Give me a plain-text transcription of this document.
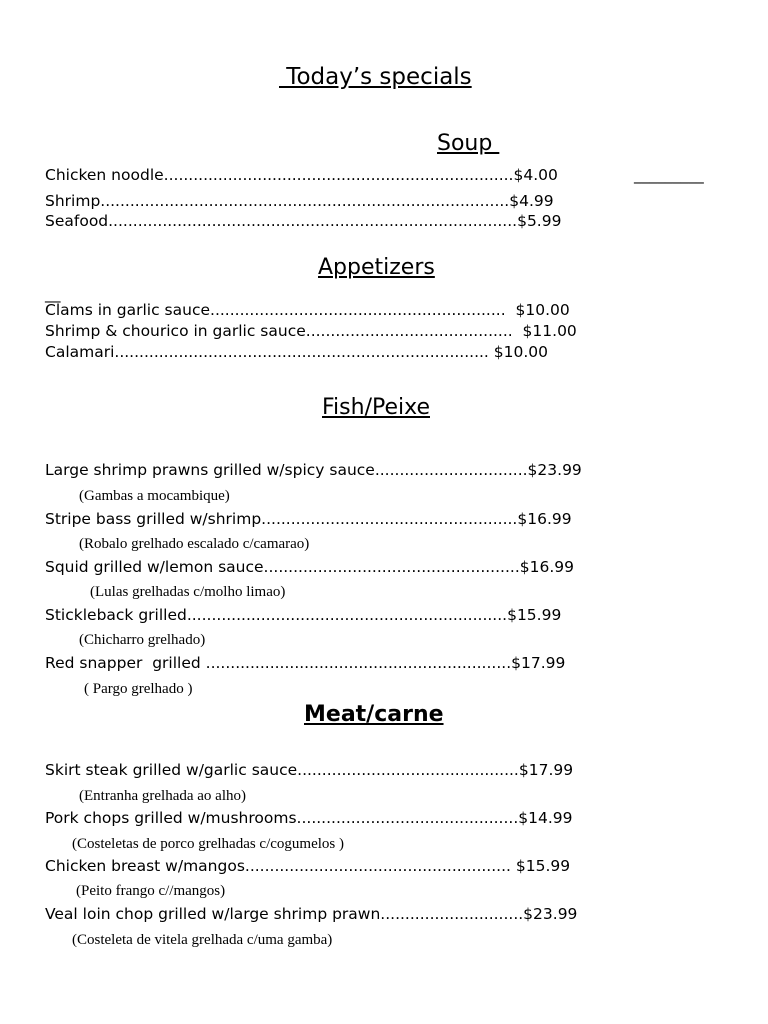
Today’s specials
Soup
Chicken noodle.......................................................................$4.00	_________
Shrimp...................................................................................$4.99
Seafood...................................................................................$5.99
Appetizers
__
Clams in garlic sauce............................................................  $10.00
Shrimp & chourico in garlic sauce..........................................  $11.00
Calamari............................................................................ $10.00
Fish/Peixe
Large shrimp prawns grilled w/spicy sauce...............................$23.99
(Gambas a mocambique)
Stripe bass grilled w/shrimp....................................................$16.99
(Robalo grelhado escalado c/camarao)
Squid grilled w/lemon sauce....................................................$16.99
(Lulas grelhadas c/molho limao)
Stickleback grilled.................................................................$15.99
(Chicharro grelhado)
Red snapper  grilled ..............................................................$17.99
( Pargo grelhado )
Meat/carne
Skirt steak grilled w/garlic sauce.............................................$17.99
(Entranha grelhada ao alho)
Pork chops grilled w/mushrooms.............................................$14.99
(Costeletas de porco grelhadas c/cogumelos )
Chicken breast w/mangos...................................................... $15.99
(Peito frango c//mangos)
Veal loin chop grilled w/large shrimp prawn.............................$23.99
(Costeleta de vitela grelhada c/uma gamba)
